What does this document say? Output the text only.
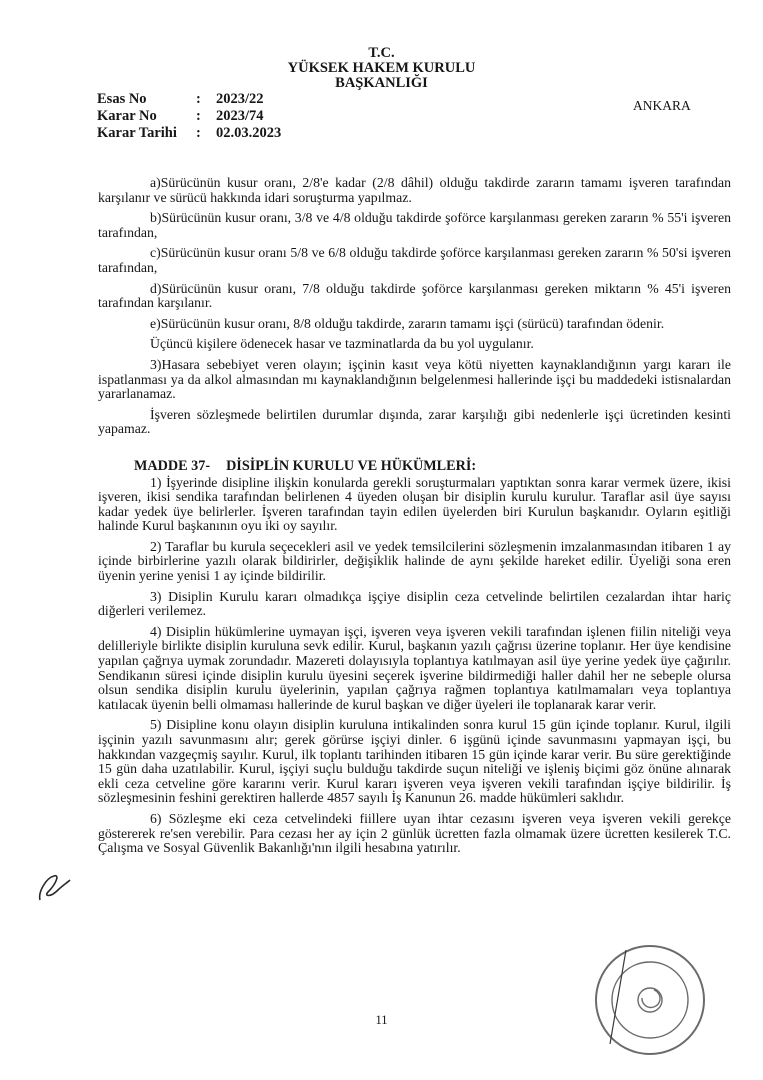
T.C.
YÜKSEK HAKEM KURULU
BAŞKANLIĞI
Esas No	:	2023/22
Karar No	:	2023/74
Karar Tarihi	:	02.03.2023
ANKARA

a)Sürücünün kusur oranı, 2/8'e kadar (2/8 dâhil) olduğu takdirde zararın tamamı işveren tarafından karşılanır ve sürücü hakkında idari soruşturma yapılmaz.

b)Sürücünün kusur oranı, 3/8 ve 4/8 olduğu takdirde şoförce karşılanması gereken zararın % 55'i işveren tarafından,

c)Sürücünün kusur oranı 5/8 ve 6/8 olduğu takdirde şoförce karşılanması gereken zararın % 50'si işveren tarafından,

d)Sürücünün kusur oranı, 7/8 olduğu takdirde şoförce karşılanması gereken miktarın % 45'i işveren tarafından karşılanır.

e)Sürücünün kusur oranı, 8/8 olduğu takdirde, zararın tamamı işçi (sürücü) tarafından ödenir.

Üçüncü kişilere ödenecek hasar ve tazminatlarda da bu yol uygulanır.

3)Hasara sebebiyet veren olayın; işçinin kasıt veya kötü niyetten kaynaklandığının yargı kararı ile ispatlanması ya da alkol almasından mı kaynaklandığının belgelenmesi hallerinde işçi bu maddedeki istisnalardan yararlanamaz.

İşveren sözleşmede belirtilen durumlar dışında, zarar karşılığı gibi nedenlerle işçi ücretinden kesinti yapamaz.

MADDE 37- DİSİPLİN KURULU VE HÜKÜMLERİ:

1) İşyerinde disipline ilişkin konularda gerekli soruşturmaları yaptıktan sonra karar vermek üzere, ikisi işveren, ikisi sendika tarafından belirlenen 4 üyeden oluşan bir disiplin kurulu kurulur. Taraflar asil üye sayısı kadar yedek üye belirlerler. İşveren tarafından tayin edilen üyelerden biri Kurulun başkanıdır. Oyların eşitliği halinde Kurul başkanının oyu iki oy sayılır.

2) Taraflar bu kurula seçecekleri asil ve yedek temsilcilerini sözleşmenin imzalanmasından itibaren 1 ay içinde birbirlerine yazılı olarak bildirirler, değişiklik halinde de aynı şekilde hareket edilir. Üyeliği sona eren üyenin yerine yenisi 1 ay içinde bildirilir.

3) Disiplin Kurulu kararı olmadıkça işçiye disiplin ceza cetvelinde belirtilen cezalardan ihtar hariç diğerleri verilemez.

4) Disiplin hükümlerine uymayan işçi, işveren veya işveren vekili tarafından işlenen fiilin niteliği veya delilleriyle birlikte disiplin kuruluna sevk edilir. Kurul, başkanın yazılı çağrısı üzerine toplanır. Her üye kendisine yapılan çağrıya uymak zorundadır. Mazereti dolayısıyla toplantıya katılmayan asil üye yerine yedek üye çağırılır. Sendikanın süresi içinde disiplin kurulu üyesini seçerek işverine bildirmediği haller dahil her ne sebeple olursa olsun sendika disiplin kurulu üyelerinin, yapılan çağrıya rağmen toplantıya katılmamaları veya toplantıya katılacak üyenin belli olmaması hallerinde de kurul başkan ve diğer üyeleri ile toplanarak karar verir.

5) Disipline konu olayın disiplin kuruluna intikalinden sonra kurul 15 gün içinde toplanır. Kurul, ilgili işçinin yazılı savunmasını alır; gerek görürse işçiyi dinler. 6 işgünü içinde savunmasını yapmayan işçi, bu hakkından vazgeçmiş sayılır. Kurul, ilk toplantı tarihinden itibaren 15 gün içinde karar verir. Bu süre gerektiğinde 15 gün daha uzatılabilir. Kurul, işçiyi suçlu bulduğu takdirde suçun niteliği ve işleniş biçimi göz önüne alınarak ekli ceza cetveline göre kararını verir. Kurul kararı işveren veya işveren vekili tarafından işçiye bildirilir. İş sözleşmesinin feshini gerektiren hallerde 4857 sayılı İş Kanunun 26. madde hükümleri saklıdır.

6) Sözleşme eki ceza cetvelindeki fiillere uyan ihtar cezasını işveren veya işveren vekili gerekçe göstererek re'sen verebilir. Para cezası her ay için 2 günlük ücretten fazla olmamak üzere ücretten kesilerek T.C. Çalışma ve Sosyal Güvenlik Bakanlığı'nın ilgili hesabına yatırılır.

11
